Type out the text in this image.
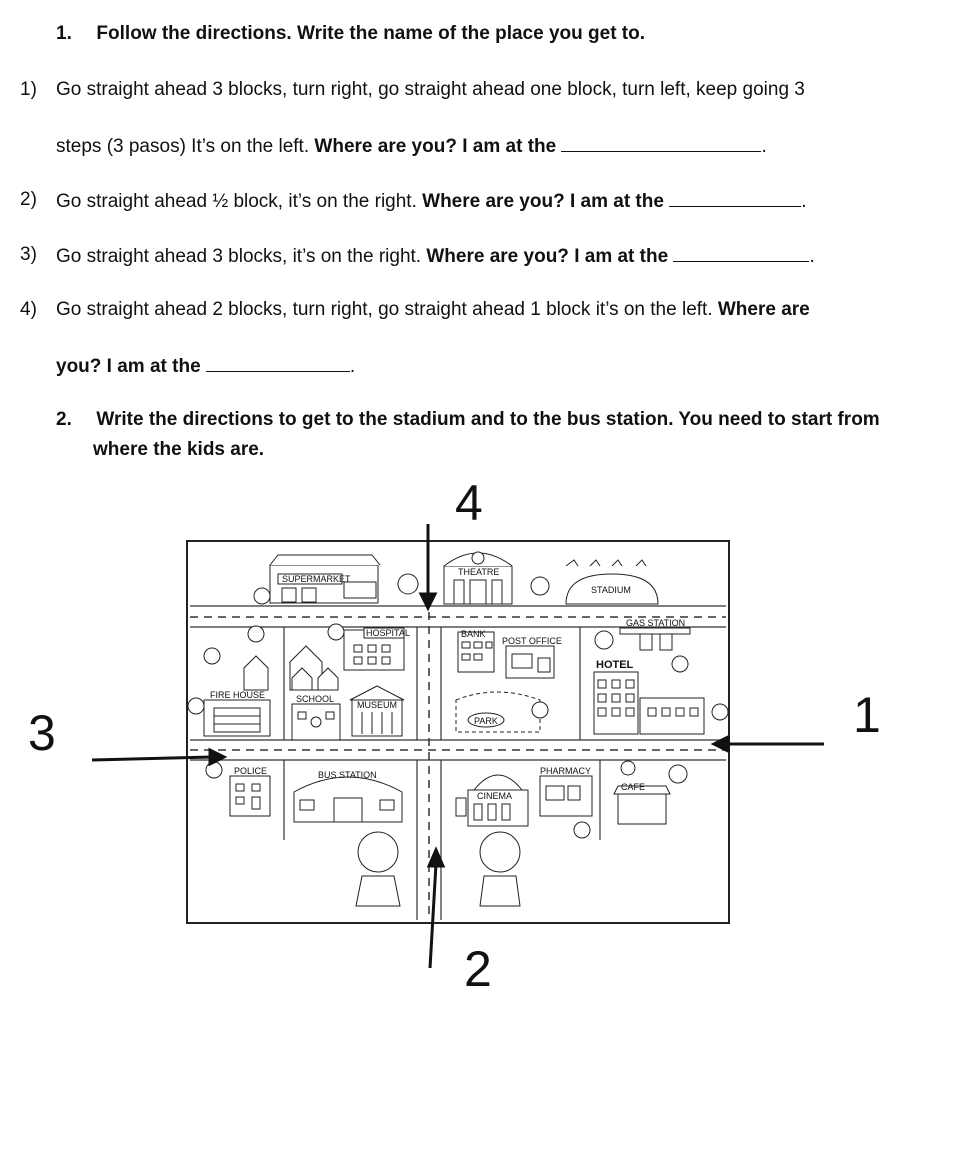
1. Follow the directions. Write the name of the place you get to.
1) Go straight ahead 3 blocks, turn right, go straight ahead one block, turn left, keep going 3
steps (3 pasos) It’s on the left. Where are you? I am at the	.
2) Go straight ahead ½ block, it’s on the right. Where are you? I am at the	.
3) Go straight ahead 3 blocks, it’s on the right. Where are you? I am at the	.
4) Go straight ahead 2 blocks, turn right, go straight ahead 1 block it’s on the left. Where are
you? I am at the	.
2. Write the directions to get to the stadium and to the bus station. You need to start from
where the kids are.
4
1
3
2
SUPERMARKET
THEATRE
STADIUM
HOSPITAL	BANK
POST OFFICE
GAS STATION
HOTEL
FIRE HOUSE	SCHOOL
MUSEUM
PARK
POLICE	BUS STATION
CINEMA
PHARMACY
CAFE
